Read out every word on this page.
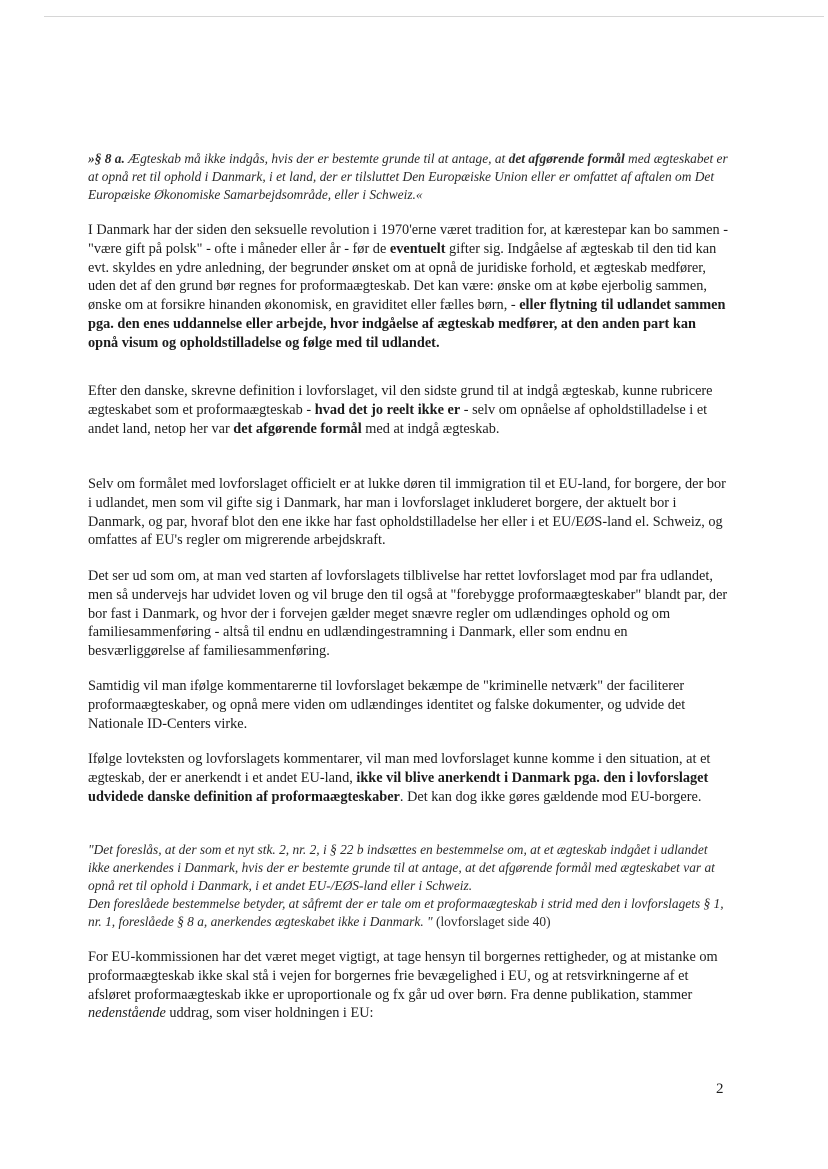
»§ 8 a. Ægteskab må ikke indgås, hvis der er bestemte grunde til at antage, at det afgørende formål med ægteskabet er at opnå ret til ophold i Danmark, i et land, der er tilsluttet Den Europæiske Union eller er omfattet af aftalen om Det Europæiske Økonomiske Samarbejdsområde, eller i Schweiz.«

I Danmark har der siden den seksuelle revolution i 1970'erne været tradition for, at kærestepar kan bo sammen - "være gift på polsk" - ofte i måneder eller år - før de eventuelt gifter sig. Indgåelse af ægteskab til den tid kan evt. skyldes en ydre anledning, der begrunder ønsket om at opnå de juridiske forhold, et ægteskab medfører, uden det af den grund bør regnes for proformaægteskab. Det kan være: ønske om at købe ejerbolig sammen, ønske om at forsikre hinanden økonomisk, en graviditet eller fælles børn, - eller flytning til udlandet sammen pga. den enes uddannelse eller arbejde, hvor indgåelse af ægteskab medfører, at den anden part kan opnå visum og opholdstilladelse og følge med til udlandet.

Efter den danske, skrevne definition i lovforslaget, vil den sidste grund til at indgå ægteskab, kunne rubricere ægteskabet som et proformaægteskab - hvad det jo reelt ikke er - selv om opnåelse af opholdstilladelse i et andet land, netop her var det afgørende formål med at indgå ægteskab.

Selv om formålet med lovforslaget officielt er at lukke døren til immigration til et EU-land, for borgere, der bor i udlandet, men som vil gifte sig i Danmark, har man i lovforslaget inkluderet borgere, der aktuelt bor i Danmark, og par, hvoraf blot den ene ikke har fast opholdstilladelse her eller i et EU/EØS-land el. Schweiz, og omfattes af EU's regler om migrerende arbejdskraft.

Det ser ud som om, at man ved starten af lovforslagets tilblivelse har rettet lovforslaget mod par fra udlandet, men så undervejs har udvidet loven og vil bruge den til også at "forebygge proformaægteskaber" blandt par, der bor fast i Danmark, og hvor der i forvejen gælder meget snævre regler om udlændinges ophold og om familiesammenføring - altså til endnu en udlændingestramning i Danmark, eller som endnu en besværliggørelse af familiesammenføring.

Samtidig vil man ifølge kommentarerne til lovforslaget bekæmpe de "kriminelle netværk" der faciliterer proformaægteskaber, og opnå mere viden om udlændinges identitet og falske dokumenter, og udvide det Nationale ID-Centers virke.

Ifølge lovteksten og lovforslagets kommentarer, vil man med lovforslaget kunne komme i den situation, at et ægteskab, der er anerkendt i et andet EU-land, ikke vil blive anerkendt i Danmark pga. den i lovforslaget udvidede danske definition af proformaægteskaber. Det kan dog ikke gøres gældende mod EU-borgere.

"Det foreslås, at der som et nyt stk. 2, nr. 2, i § 22 b indsættes en bestemmelse om, at et ægteskab indgået i udlandet ikke anerkendes i Danmark, hvis der er bestemte grunde til at antage, at det afgørende formål med ægteskabet var at opnå ret til ophold i Danmark, i et andet EU-/EØS-land eller i Schweiz.

Den foreslåede bestemmelse betyder, at såfremt der er tale om et proformaægteskab i strid med den i lovforslagets § 1, nr. 1, foreslåede § 8 a, anerkendes ægteskabet ikke i Danmark. " (lovforslaget side 40)

For EU-kommissionen har det været meget vigtigt, at tage hensyn til borgernes rettigheder, og at mistanke om proformaægteskab ikke skal stå i vejen for borgernes frie bevægelighed i EU, og at retsvirkningerne af et afsløret proformaægteskab ikke er uproportionale og fx går ud over børn. Fra denne publikation, stammer nedenstående uddrag, som viser holdningen i EU:

2
